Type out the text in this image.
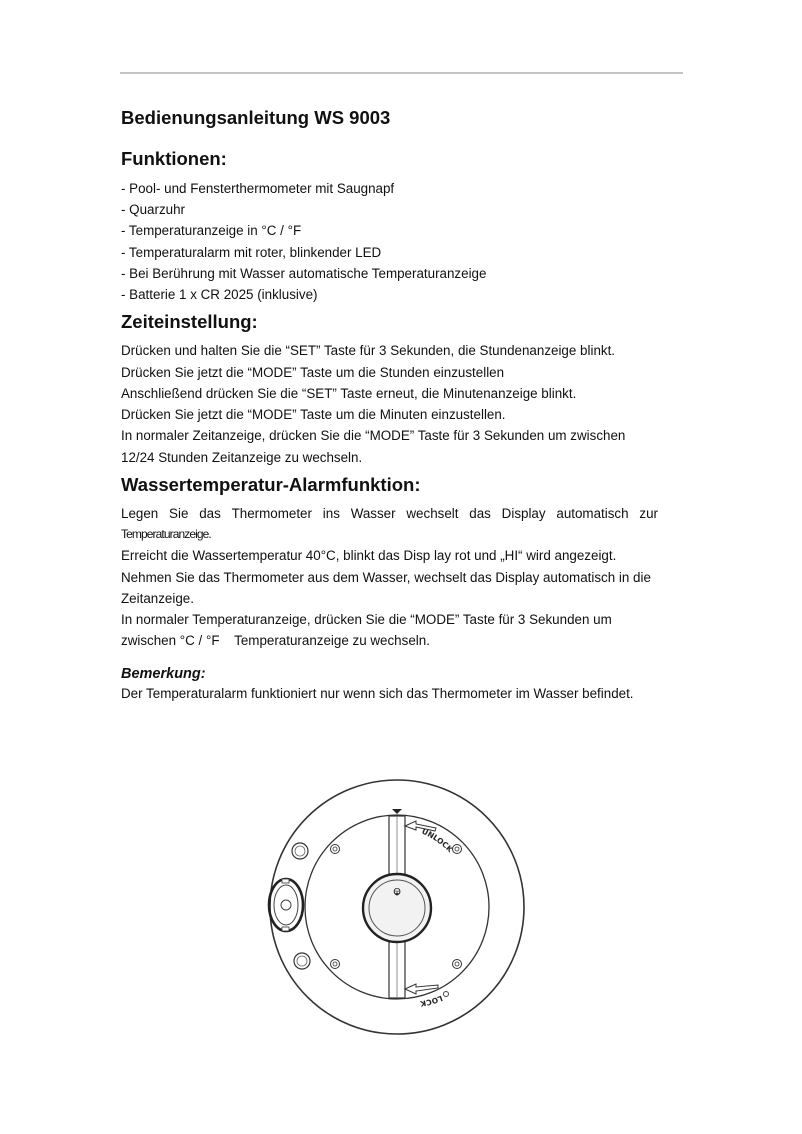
Bedienungsanleitung WS 9003
Funktionen:
- Pool- und Fensterthermometer mit Saugnapf
- Quarzuhr
- Temperaturanzeige in °C / °F
- Temperaturalarm mit roter, blinkender LED
- Bei Berührung mit Wasser automatische Temperaturanzeige
- Batterie 1 x CR 2025 (inklusive)
Zeiteinstellung:
Drücken und halten Sie die “SET” Taste für 3 Sekunden, die Stundenanzeige blinkt.
Drücken Sie jetzt die “MODE” Taste um die Stunden einzustellen
Anschließend drücken Sie die “SET” Taste erneut, die Minutenanzeige blinkt.
Drücken Sie jetzt die “MODE” Taste um die Minuten einzustellen.
In normaler Zeitanzeige, drücken Sie die “MODE” Taste für 3 Sekunden um zwischen
12/24 Stunden Zeitanzeige zu wechseln.
Wassertemperatur-Alarmfunktion:
Legen Sie das Thermometer ins Wasser wechselt das Display automatisch zur
Temperaturanzeige.
Erreicht die Wassertemperatur 40°C, blinkt das Disp lay rot und „HI“ wird angezeigt.
Nehmen Sie das Thermometer aus dem Wasser, wechselt das Display automatisch in die
Zeitanzeige.
In normaler Temperaturanzeige, drücken Sie die “MODE” Taste für 3 Sekunden um
zwischen °C / °F    Temperaturanzeige zu wechseln.
Bemerkung:
Der Temperaturalarm funktioniert nur wenn sich das Thermometer im Wasser befindet.
Θ
UNLOCK
LOCK
